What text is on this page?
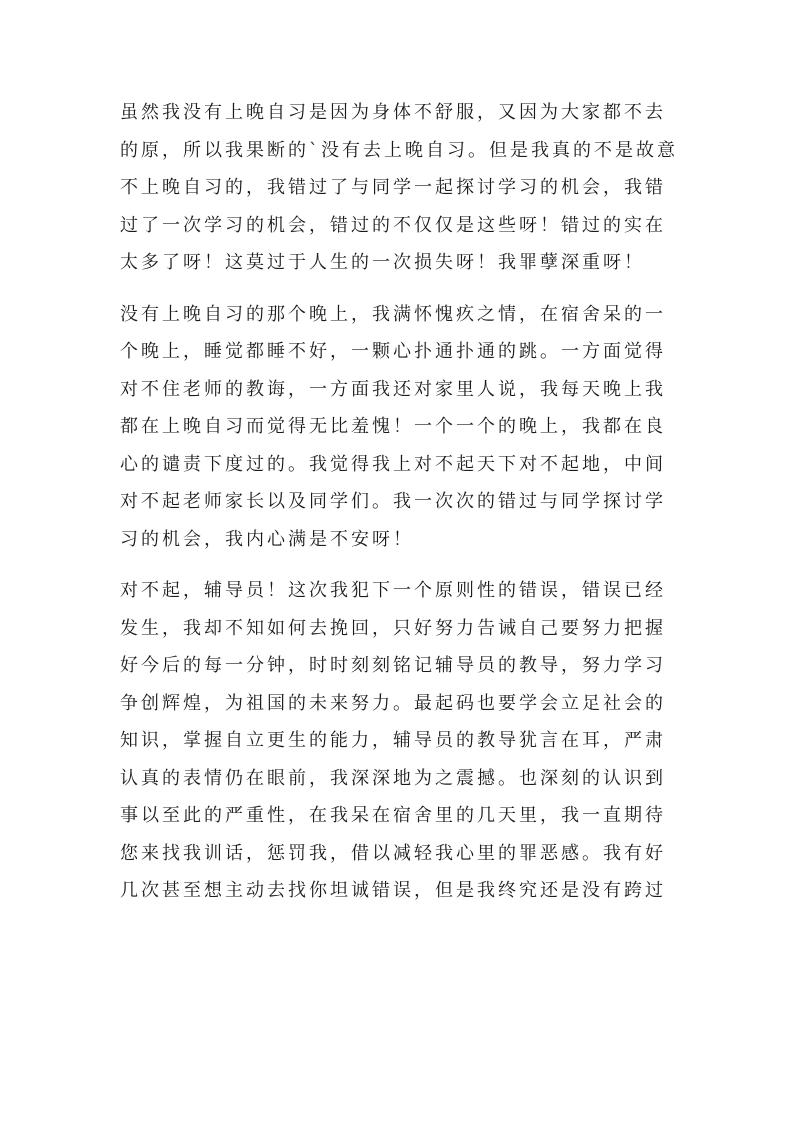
虽然我没有上晚自习是因为身体不舒服，又因为大家都不去
的原，所以我果断的`没有去上晚自习。但是我真的不是故意
不上晚自习的，我错过了与同学一起探讨学习的机会，我错
过了一次学习的机会，错过的不仅仅是这些呀！错过的实在
太多了呀！这莫过于人生的一次损失呀！我罪孽深重呀！
没有上晚自习的那个晚上，我满怀愧疚之情，在宿舍呆的一
个晚上，睡觉都睡不好，一颗心扑通扑通的跳。一方面觉得
对不住老师的教诲，一方面我还对家里人说，我每天晚上我
都在上晚自习而觉得无比羞愧！一个一个的晚上，我都在良
心的谴责下度过的。我觉得我上对不起天下对不起地，中间
对不起老师家长以及同学们。我一次次的错过与同学探讨学
习的机会，我内心满是不安呀！
对不起，辅导员！这次我犯下一个原则性的错误，错误已经
发生，我却不知如何去挽回，只好努力告诫自己要努力把握
好今后的每一分钟，时时刻刻铭记辅导员的教导，努力学习
争创辉煌，为祖国的未来努力。最起码也要学会立足社会的
知识，掌握自立更生的能力，辅导员的教导犹言在耳，严肃
认真的表情仍在眼前，我深深地为之震撼。也深刻的认识到
事以至此的严重性，在我呆在宿舍里的几天里，我一直期待
您来找我训话，惩罚我，借以减轻我心里的罪恶感。我有好
几次甚至想主动去找你坦诚错误，但是我终究还是没有跨过
